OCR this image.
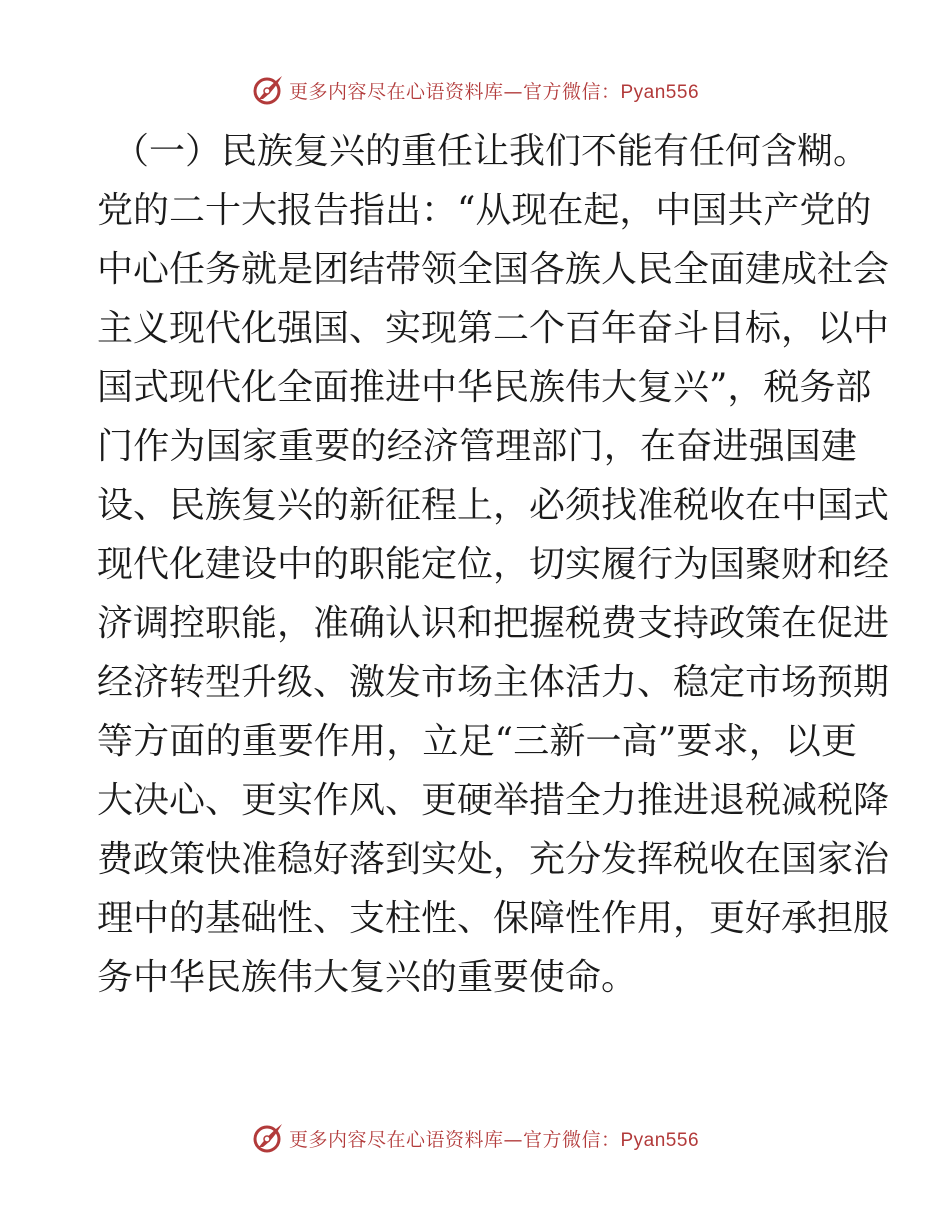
更多内容尽在心语资料库—官方微信：Pyan556
（一）民族复兴的重任让我们不能有任何含糊。
党的二十大报告指出：“从现在起，中国共产党的
中心任务就是团结带领全国各族人民全面建成社会
主义现代化强国、实现第二个百年奋斗目标，以中
国式现代化全面推进中华民族伟大复兴”，税务部
门作为国家重要的经济管理部门，在奋进强国建
设、民族复兴的新征程上，必须找准税收在中国式
现代化建设中的职能定位，切实履行为国聚财和经
济调控职能，准确认识和把握税费支持政策在促进
经济转型升级、激发市场主体活力、稳定市场预期
等方面的重要作用，立足“三新一高”要求，以更
大决心、更实作风、更硬举措全力推进退税减税降
费政策快准稳好落到实处，充分发挥税收在国家治
理中的基础性、支柱性、保障性作用，更好承担服
务中华民族伟大复兴的重要使命。
更多内容尽在心语资料库—官方微信：Pyan556
